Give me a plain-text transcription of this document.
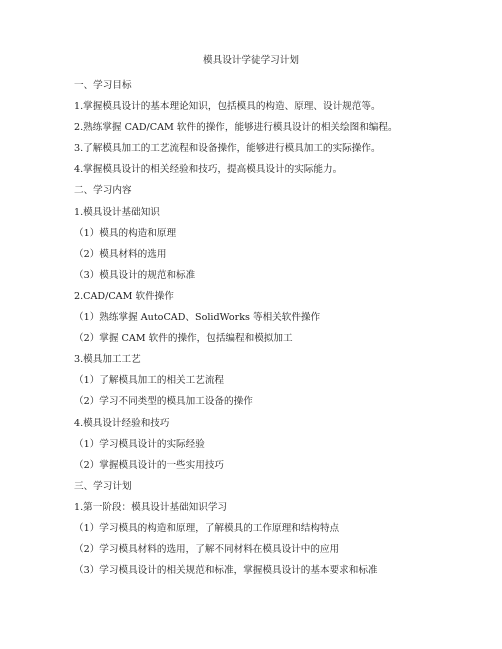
模具设计学徒学习计划
一、学习目标
1.掌握模具设计的基本理论知识，包括模具的构造、原理、设计规范等。
2.熟练掌握 CAD/CAM 软件的操作，能够进行模具设计的相关绘图和编程。
3.了解模具加工的工艺流程和设备操作，能够进行模具加工的实际操作。
4.掌握模具设计的相关经验和技巧，提高模具设计的实际能力。
二、学习内容
1.模具设计基础知识
（1）模具的构造和原理
（2）模具材料的选用
（3）模具设计的规范和标准
2.CAD/CAM 软件操作
（1）熟练掌握 AutoCAD、SolidWorks 等相关软件操作
（2）掌握 CAM 软件的操作，包括编程和模拟加工
3.模具加工工艺
（1）了解模具加工的相关工艺流程
（2）学习不同类型的模具加工设备的操作
4.模具设计经验和技巧
（1）学习模具设计的实际经验
（2）掌握模具设计的一些实用技巧
三、学习计划
1.第一阶段：模具设计基础知识学习
（1）学习模具的构造和原理，了解模具的工作原理和结构特点
（2）学习模具材料的选用，了解不同材料在模具设计中的应用
（3）学习模具设计的相关规范和标准，掌握模具设计的基本要求和标准
